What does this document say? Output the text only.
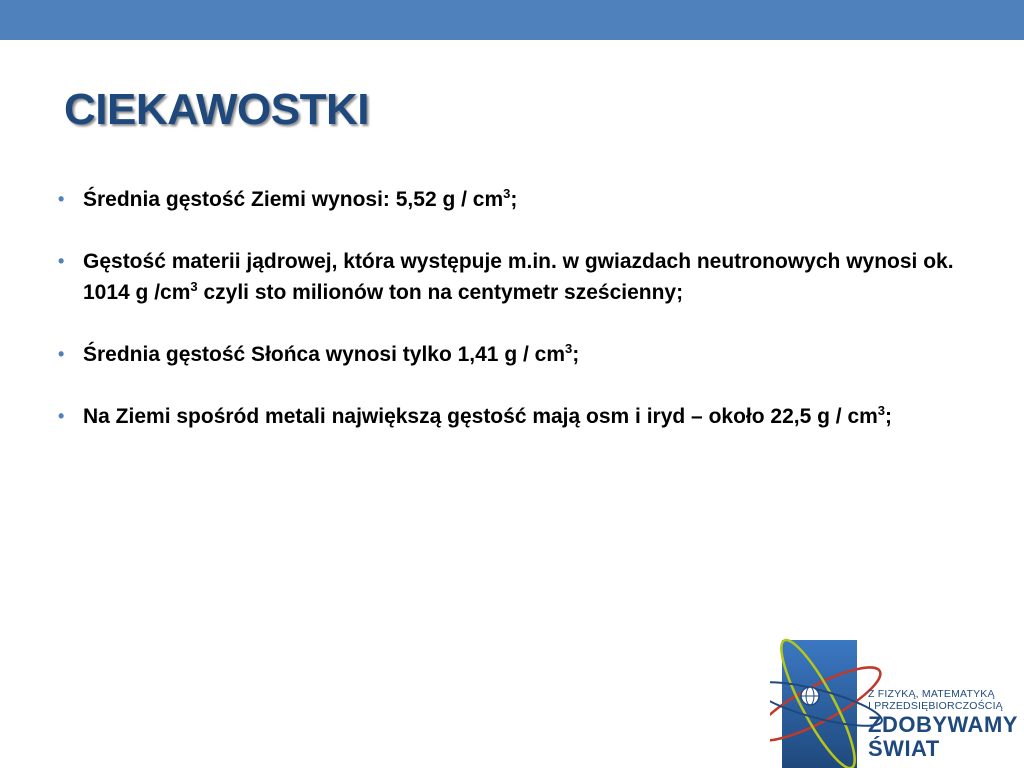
CIEKAWOSTKI
• Średnia gęstość Ziemi wynosi: 5,52 g / $cm^3$;
• Gęstość materii jądrowej, która występuje m.in. w gwiazdach neutronowych wynosi ok. 1014 g $/cm^3$ czyli sto milionów ton na centymetr sześcienny;
• Średnia gęstość Słońca wynosi tylko 1,41 g / $cm^3$;
• Na Ziemi spośród metali największą gęstość mają osm i iryd – około 22,5 g / $cm^3$;
Z FIZYKĄ, MATEMATYKĄ
I PRZEDSIĘBIORCZOŚCIĄ
ZDOBYWAMY
ŚWIAT
